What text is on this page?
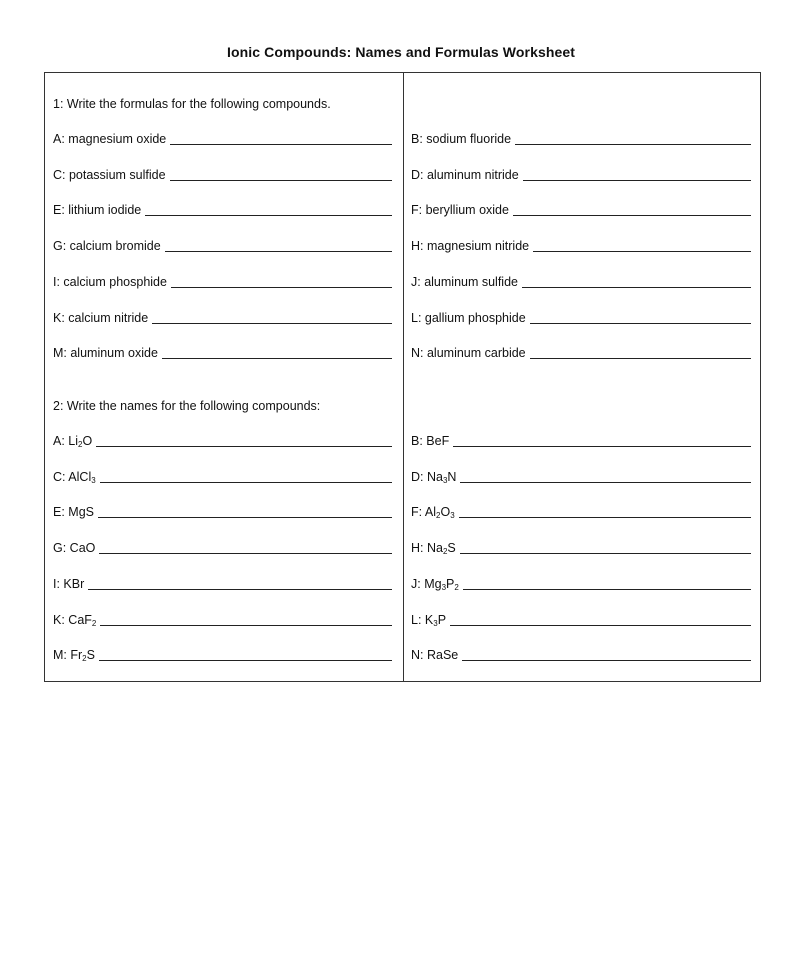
Ionic Compounds: Names and Formulas Worksheet
1: Write the formulas for the following compounds.
A: magnesium oxide
C: potassium sulfide
E: lithium iodide
G: calcium bromide
I: calcium phosphide
K: calcium nitride
M: aluminum oxide
B: sodium fluoride
D: aluminum nitride
F: beryllium oxide
H: magnesium nitride
J: aluminum sulfide
L: gallium phosphide
N: aluminum carbide
2: Write the names for the following compounds:
A: $Li_2O$
C: AlCl$_3$
E: MgS
G: CaO
I: KBr
K: CaF$_2$
M: $Fr_2S$
B: BeF
D: $Na_3N$
F: $Al_2O_3$
H: $Na_2S$
J: $Mg_3P_2$
L: $K_3P$
N: RaSe
